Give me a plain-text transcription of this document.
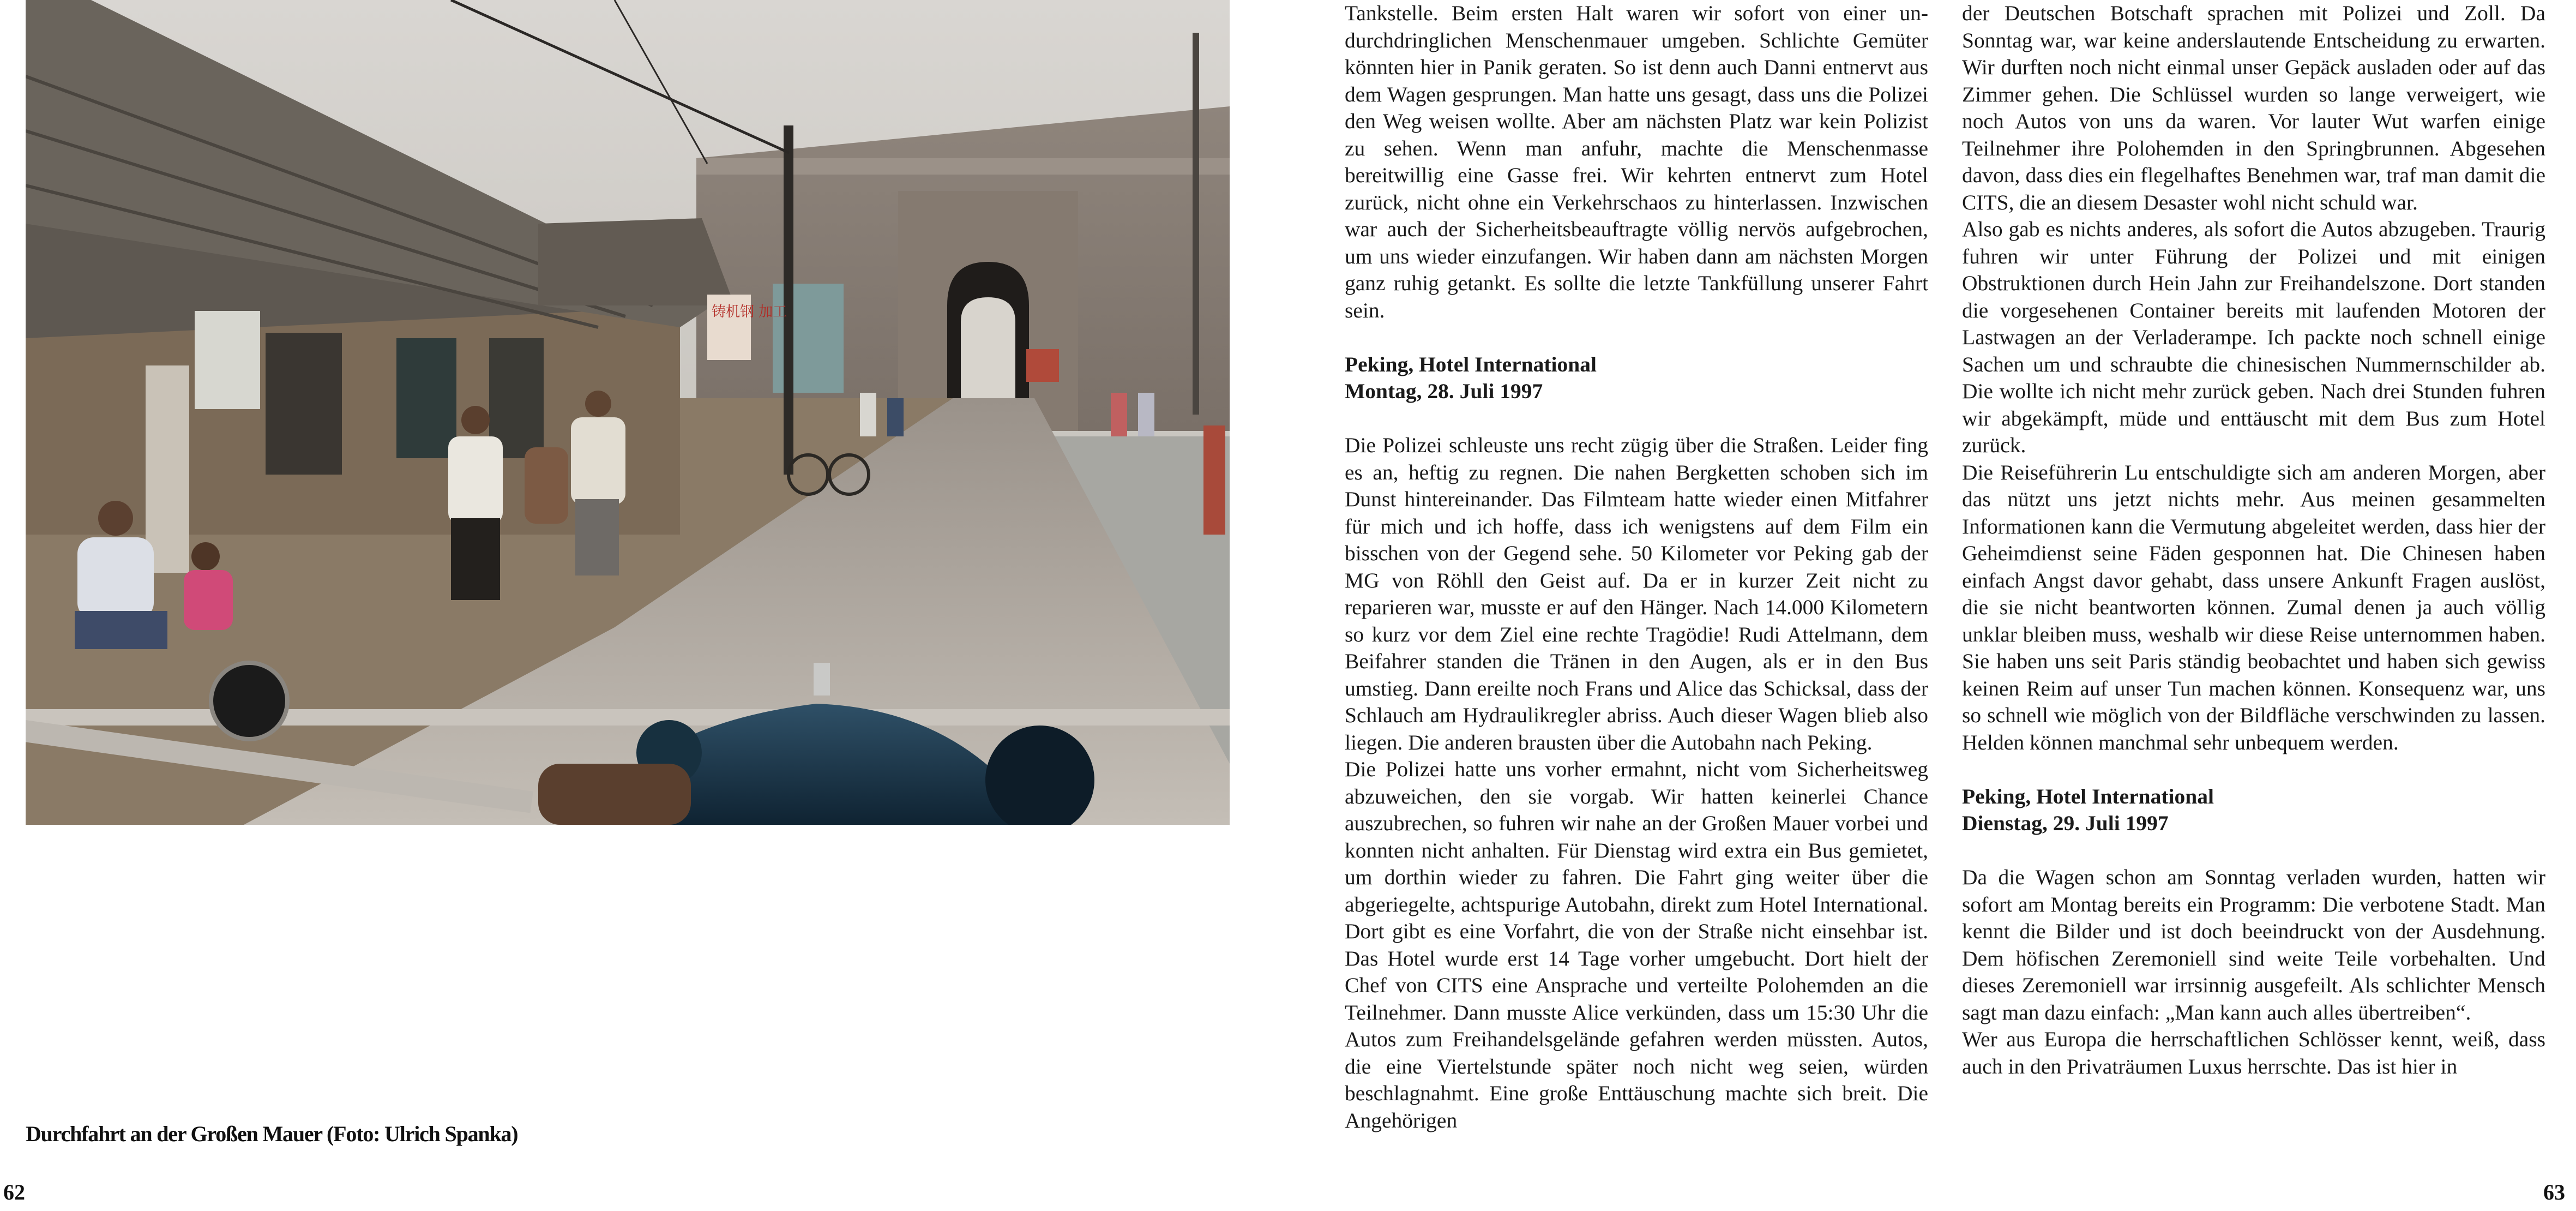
铸机钢 加工
Durchfahrt an der Großen Mauer (Foto: Ulrich Spanka)
62

Tankstelle. Beim ersten Halt waren wir sofort von einer undurchdringlichen Menschenmauer umgeben. Schlichte Gemüter könnten hier in Panik geraten. So ist denn auch Danni entnervt aus dem Wagen gesprungen. Man hatte uns gesagt, dass uns die Polizei den Weg weisen wollte. Aber am nächsten Platz war kein Polizist zu sehen. Wenn man anfuhr, machte die Menschenmasse bereitwillig eine Gasse frei. Wir kehrten entnervt zum Hotel zurück, nicht ohne ein Verkehrschaos zu hinterlassen. Inzwischen war auch der Sicherheitsbeauftragte völlig nervös aufgebrochen, um uns wieder einzufangen. Wir haben dann am nächsten Morgen ganz ruhig getankt. Es sollte die letzte Tankfüllung unserer Fahrt sein.

Peking, Hotel International

Montag, 28. Juli 1997

Die Polizei schleuste uns recht zügig über die Straßen. Leider fing es an, heftig zu regnen. Die nahen Bergketten schoben sich im Dunst hintereinander. Das Filmteam hatte wieder einen Mitfahrer für mich und ich hoffe, dass ich wenigstens auf dem Film ein bisschen von der Gegend sehe. 50 Kilometer vor Peking gab der MG von Röhll den Geist auf. Da er in kurzer Zeit nicht zu reparieren war, musste er auf den Hänger. Nach 14.000 Kilometern so kurz vor dem Ziel eine rechte Tragödie! Rudi Attelmann, dem Beifahrer standen die Tränen in den Augen, als er in den Bus umstieg. Dann ereilte noch Frans und Alice das Schicksal, dass der Schlauch am Hydraulikregler abriss. Auch dieser Wagen blieb also liegen. Die anderen brausten über die Autobahn nach Peking.

Die Polizei hatte uns vorher ermahnt, nicht vom Sicherheitsweg abzuweichen, den sie vorgab. Wir hatten keinerlei Chance auszubrechen, so fuhren wir nahe an der Großen Mauer vorbei und konnten nicht anhalten. Für Dienstag wird extra ein Bus gemietet, um dorthin wieder zu fahren. Die Fahrt ging weiter über die abgeriegelte, achtspurige Autobahn, direkt zum Hotel International. Dort gibt es eine Vorfahrt, die von der Straße nicht einsehbar ist. Das Hotel wurde erst 14 Tage vorher umgebucht. Dort hielt der Chef von CITS eine Ansprache und verteilte Polohemden an die Teilnehmer. Dann musste Alice verkünden, dass um 15:30 Uhr die Autos zum Freihandelsgelände gefahren werden müssten. Autos, die eine Viertelstunde später noch nicht weg seien, würden beschlagnahmt. Eine große Enttäuschung machte sich breit. Die Angehörigen

der Deutschen Botschaft sprachen mit Polizei und Zoll. Da Sonntag war, war keine anderslautende Entscheidung zu erwarten. Wir durften noch nicht einmal unser Gepäck ausladen oder auf das Zimmer gehen. Die Schlüssel wurden so lange verweigert, wie noch Autos von uns da waren. Vor lauter Wut warfen einige Teilnehmer ihre Polohemden in den Springbrunnen. Abgesehen davon, dass dies ein flegelhaftes Benehmen war, traf man damit die CITS, die an diesem Desaster wohl nicht schuld war.

Also gab es nichts anderes, als sofort die Autos abzugeben. Traurig fuhren wir unter Führung der Polizei und mit einigen Obstruktionen durch Hein Jahn zur Freihandelszone. Dort standen die vorgesehenen Container bereits mit laufenden Motoren der Lastwagen an der Verladerampe. Ich packte noch schnell einige Sachen um und schraubte die chinesischen Nummernschilder ab. Die wollte ich nicht mehr zurück geben. Nach drei Stunden fuhren wir abgekämpft, müde und enttäuscht mit dem Bus zum Hotel zurück.

Die Reiseführerin Lu entschuldigte sich am anderen Morgen, aber das nützt uns jetzt nichts mehr. Aus meinen gesammelten Informationen kann die Vermutung abgeleitet werden, dass hier der Geheimdienst seine Fäden gesponnen hat. Die Chinesen haben einfach Angst davor gehabt, dass unsere Ankunft Fragen auslöst, die sie nicht beantworten können. Zumal denen ja auch völlig unklar bleiben muss, weshalb wir diese Reise unternommen haben. Sie haben uns seit Paris ständig beobachtet und haben sich gewiss keinen Reim auf unser Tun machen können. Konsequenz war, uns so schnell wie möglich von der Bildfläche verschwinden zu lassen. Helden können manchmal sehr unbequem werden.

Peking, Hotel International

Dienstag, 29. Juli 1997

Da die Wagen schon am Sonntag verladen wurden, hatten wir sofort am Montag bereits ein Programm: Die verbotene Stadt. Man kennt die Bilder und ist doch beeindruckt von der Ausdehnung. Dem höfischen Zeremoniell sind weite Teile vorbehalten. Und dieses Zeremoniell war irrsinnig ausgefeilt. Als schlichter Mensch sagt man dazu einfach: „Man kann auch alles übertreiben“.

Wer aus Europa die herrschaftlichen Schlösser kennt, weiß, dass auch in den Privaträumen Luxus herrschte. Das ist hier in

63
